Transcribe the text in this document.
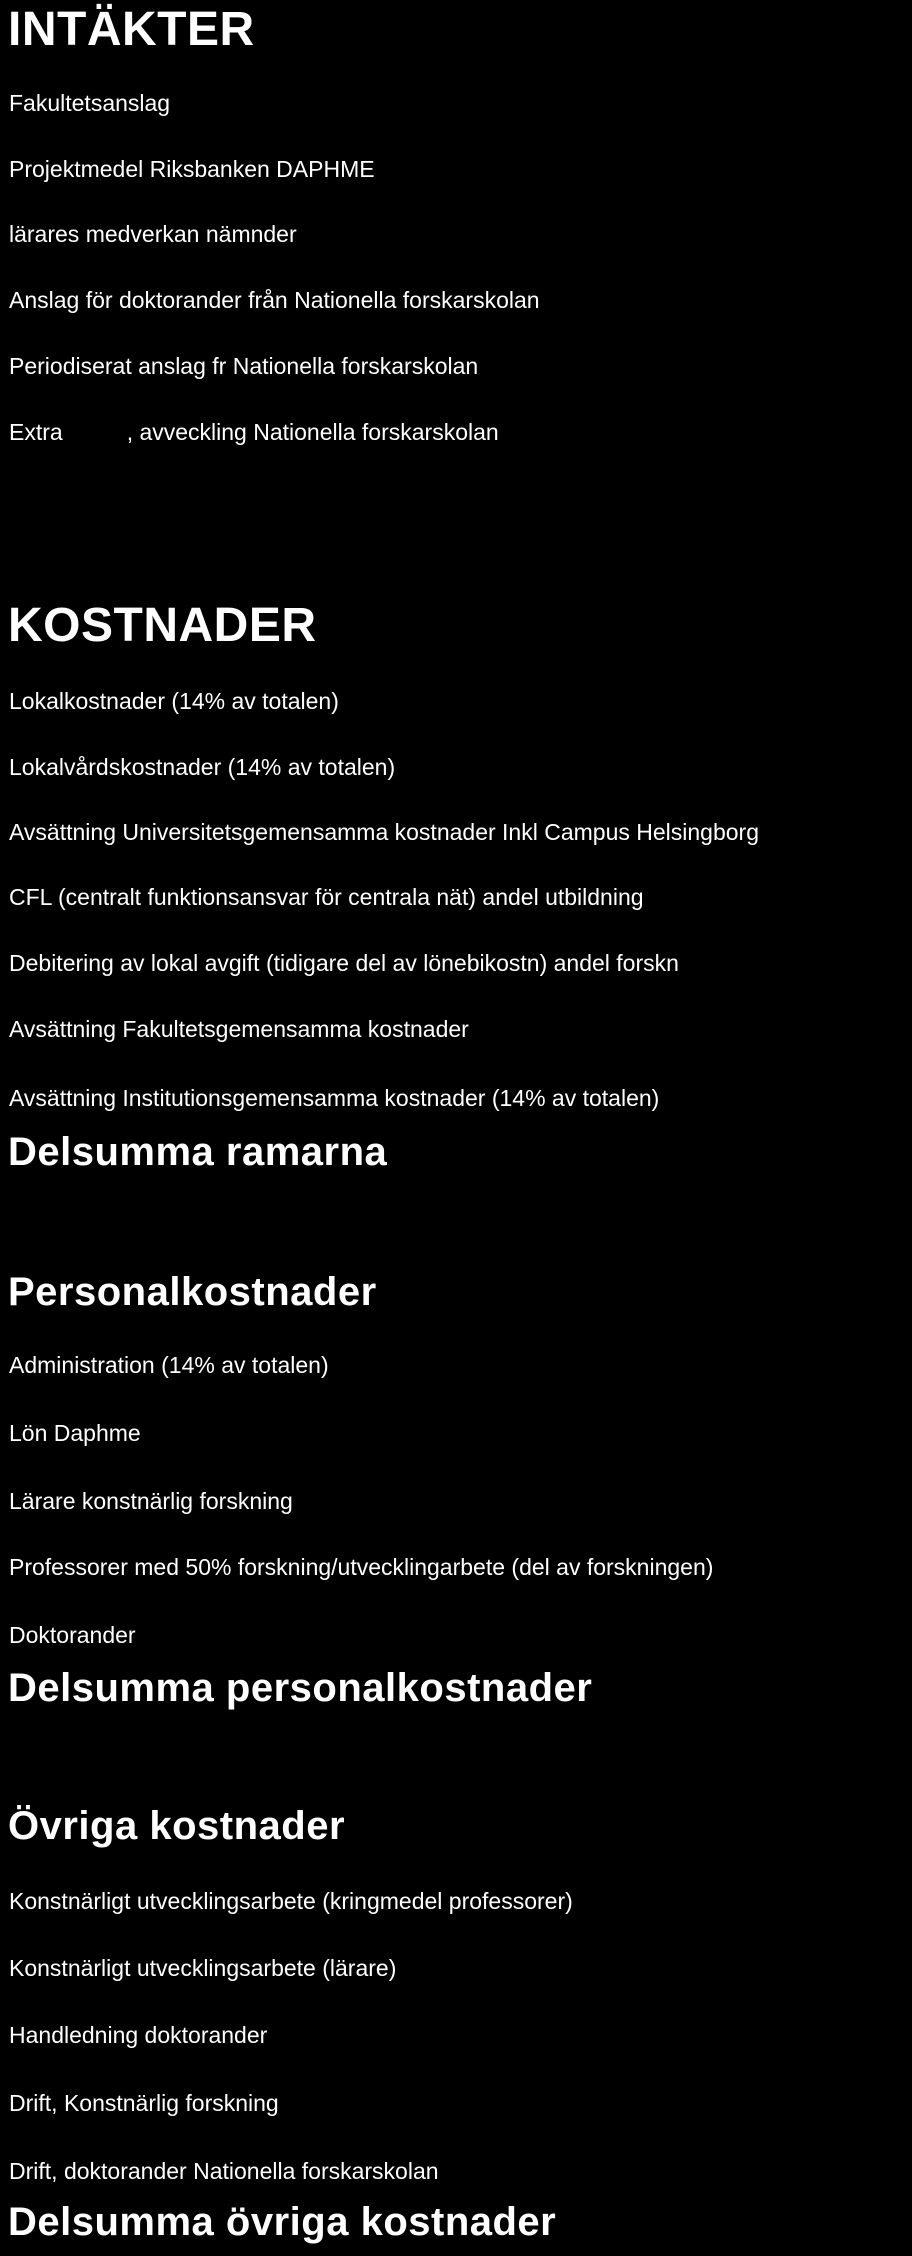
INTÄKTER
Fakultetsanslag
Projektmedel Riksbanken DAPHME
lärares medverkan nämnder
Anslag för doktorander från Nationella forskarskolan
Periodiserat anslag fr Nationella forskarskolan
Extra	, avveckling Nationella forskarskolan
KOSTNADER
Lokalkostnader (14% av totalen)
Lokalvårdskostnader (14% av totalen)
Avsättning Universitetsgemensamma kostnader Inkl Campus Helsingborg
CFL (centralt funktionsansvar för centrala nät) andel utbildning
Debitering av lokal avgift (tidigare del av lönebikostn) andel forskn
Avsättning Fakultetsgemensamma kostnader
Avsättning Institutionsgemensamma kostnader (14% av totalen)
Delsumma ramarna
Personalkostnader
Administration (14% av totalen)
Lön Daphme
Lärare konstnärlig forskning
Professorer med 50% forskning/utvecklingarbete (del av forskningen)
Doktorander
Delsumma personalkostnader
Övriga kostnader
Konstnärligt utvecklingsarbete (kringmedel professorer)
Konstnärligt utvecklingsarbete (lärare)
Handledning doktorander
Drift, Konstnärlig forskning
Drift, doktorander Nationella forskarskolan
Delsumma övriga kostnader
